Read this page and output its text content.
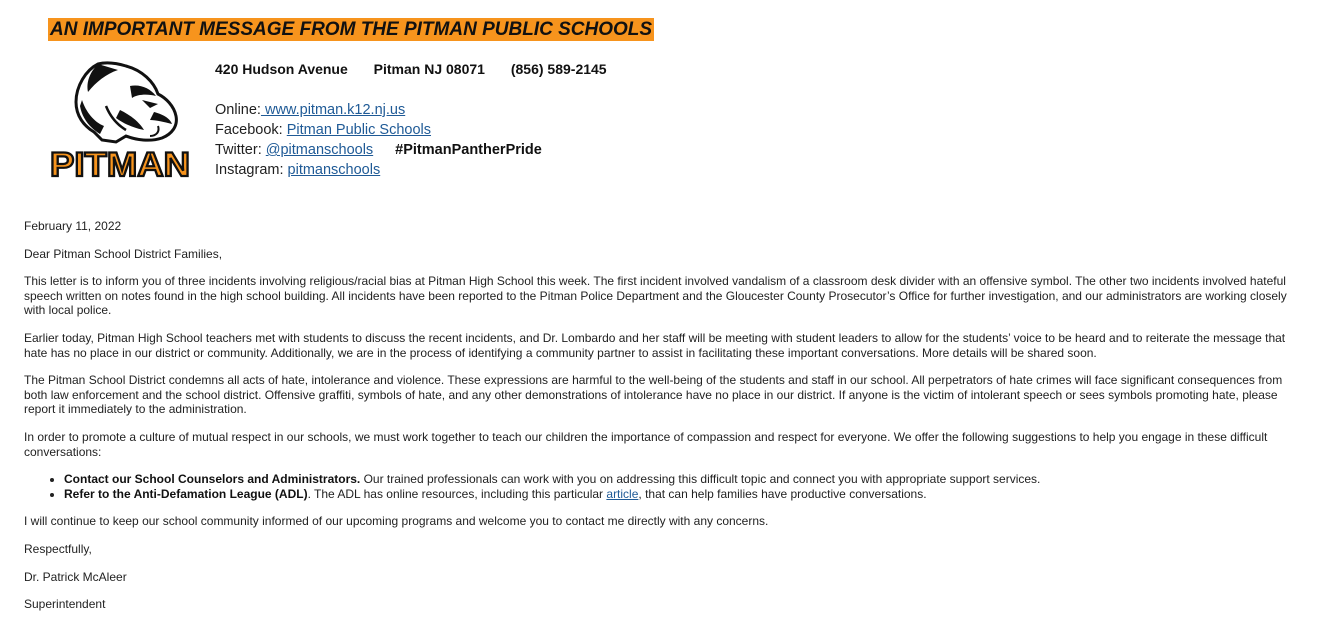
AN IMPORTANT MESSAGE FROM THE PITMAN PUBLIC SCHOOLS
PITMAN
420 Hudson Avenue Pitman NJ 08071 (856) 589-2145
Online: www.pitman.k12.nj.us
Facebook: Pitman Public Schools
Twitter: @pitmanschools #PitmanPantherPride
Instagram: pitmanschools

February 11, 2022

Dear Pitman School District Families,

This letter is to inform you of three incidents involving religious/racial bias at Pitman High School this week. The first incident involved vandalism of a classroom desk divider with an offensive symbol. The other two incidents involved hateful speech written on notes found in the high school building. All incidents have been reported to the Pitman Police Department and the Gloucester County Prosecutor’s Office for further investigation, and our administrators are working closely with local police.

Earlier today, Pitman High School teachers met with students to discuss the recent incidents, and Dr. Lombardo and her staff will be meeting with student leaders to allow for the students’ voice to be heard and to reiterate the message that hate has no place in our district or community. Additionally, we are in the process of identifying a community partner to assist in facilitating these important conversations. More details will be shared soon.

The Pitman School District condemns all acts of hate, intolerance and violence. These expressions are harmful to the well-being of the students and staff in our school. All perpetrators of hate crimes will face significant consequences from both law enforcement and the school district. Offensive graffiti, symbols of hate, and any other demonstrations of intolerance have no place in our district. If anyone is the victim of intolerant speech or sees symbols promoting hate, please report it immediately to the administration.

In order to promote a culture of mutual respect in our schools, we must work together to teach our children the importance of compassion and respect for everyone. We offer the following suggestions to help you engage in these difficult conversations:

• Contact our School Counselors and Administrators. Our trained professionals can work with you on addressing this difficult topic and connect you with appropriate support services.
• Refer to the Anti-Defamation League (ADL). The ADL has online resources, including this particular article, that can help families have productive conversations.

I will continue to keep our school community informed of our upcoming programs and welcome you to contact me directly with any concerns.

Respectfully,

Dr. Patrick McAleer

Superintendent
